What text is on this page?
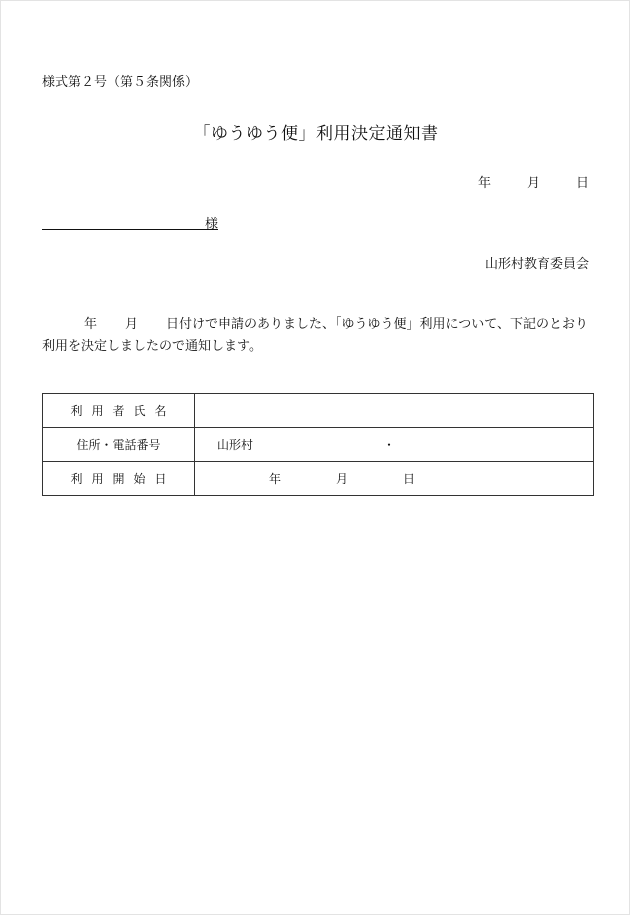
様式第２号（第５条関係）
「ゆうゆう便」利用決定通知書
年	月	日
様
山形村教育委員会
年 月 日付けで申請のありました、「ゆうゆう便」利用について、下記のとおり利用を決定しましたので通知します。
利用者氏名	
住所・電話番号	山形村 ・

利用開始日	年 月 日
